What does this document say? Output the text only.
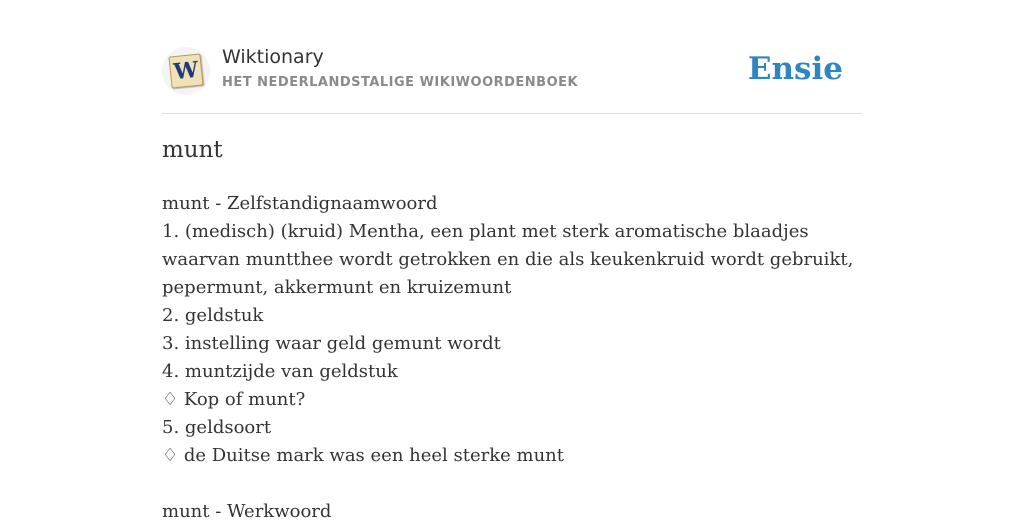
W Wiktionary
HET NEDERLANDSTALIGE WIKIWOORDENBOEK	Ensie
munt

munt - Zelfstandignaamwoord

1. (medisch) (kruid) Mentha, een plant met sterk aromatische blaadjes waarvan muntthee wordt getrokken en die als keukenkruid wordt gebruikt, pepermunt, akkermunt en kruizemunt

2. geldstuk

3. instelling waar geld gemunt wordt

4. muntzijde van geldstuk

♢ Kop of munt?

5. geldsoort

♢ de Duitse mark was een heel sterke munt

munt - Werkwoord
